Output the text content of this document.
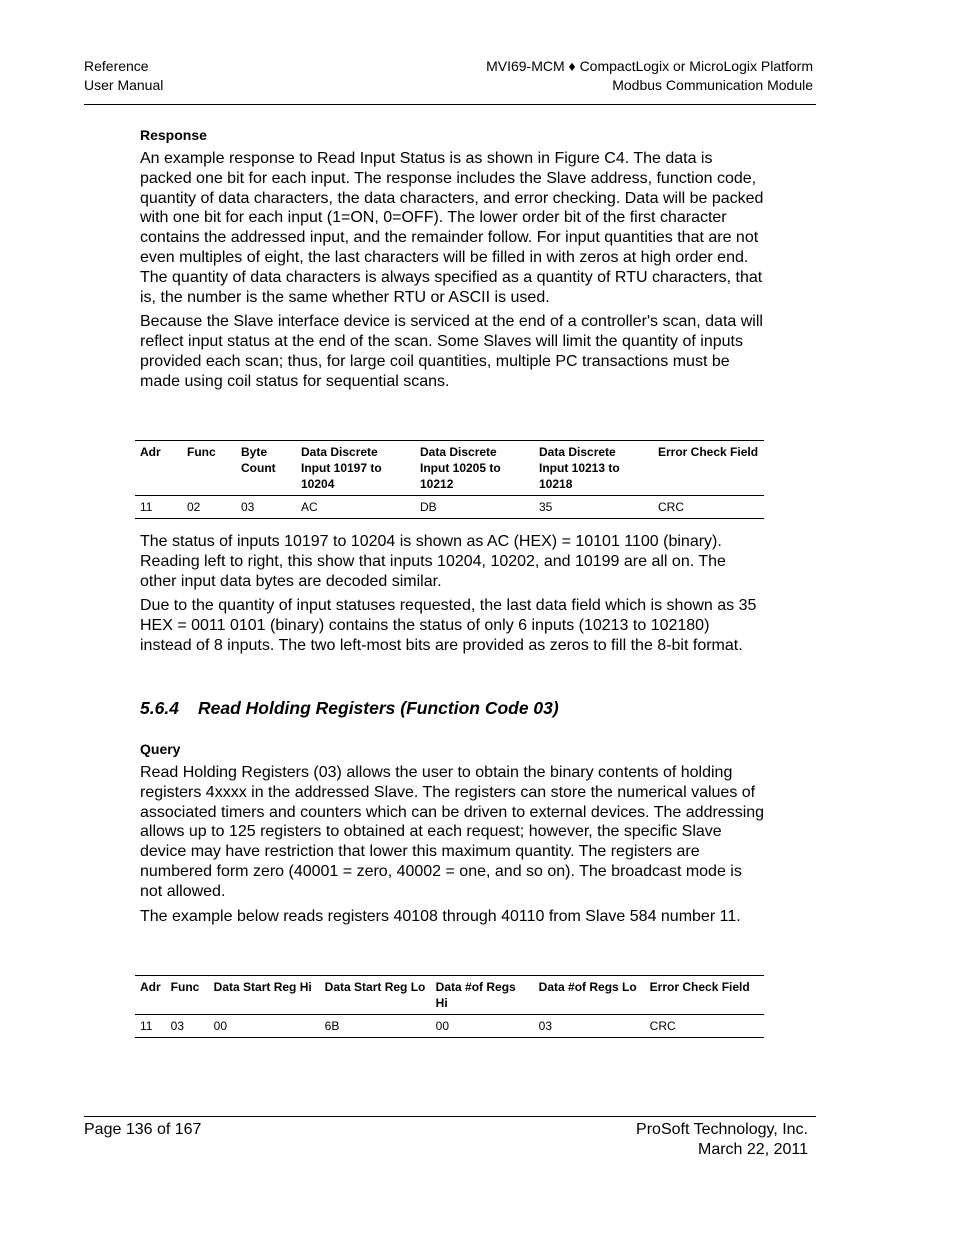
Reference
User Manual
MVI69-MCM ♦ CompactLogix or MicroLogix Platform
Modbus Communication Module

Response

An example response to Read Input Status is as shown in Figure C4. The data is packed one bit for each input. The response includes the Slave address, function code, quantity of data characters, the data characters, and error checking. Data will be packed with one bit for each input (1=ON, 0=OFF). The lower order bit of the first character contains the addressed input, and the remainder follow. For input quantities that are not even multiples of eight, the last characters will be filled in with zeros at high order end. The quantity of data characters is always specified as a quantity of RTU characters, that is, the number is the same whether RTU or ASCII is used.

Because the Slave interface device is serviced at the end of a controller's scan, data will reflect input status at the end of the scan. Some Slaves will limit the quantity of inputs provided each scan; thus, for large coil quantities, multiple PC transactions must be made using coil status for sequential scans.

Adr	Func	Byte Count	Data Discrete Input 10197 to 10204	Data Discrete Input 10205 to 10212	Data Discrete Input 10213 to 10218	Error Check Field
11	02	03	AC	DB	35	CRC

The status of inputs 10197 to 10204 is shown as AC (HEX) = 10101 1100 (binary). Reading left to right, this show that inputs 10204, 10202, and 10199 are all on. The other input data bytes are decoded similar.

Due to the quantity of input statuses requested, the last data field which is shown as 35 HEX = 0011 0101 (binary) contains the status of only 6 inputs (10213 to 102180) instead of 8 inputs. The two left-most bits are provided as zeros to fill the 8-bit format.

5.6.4 Read Holding Registers (Function Code 03)

Query

Read Holding Registers (03) allows the user to obtain the binary contents of holding registers 4xxxx in the addressed Slave. The registers can store the numerical values of associated timers and counters which can be driven to external devices. The addressing allows up to 125 registers to obtained at each request; however, the specific Slave device may have restriction that lower this maximum quantity. The registers are numbered form zero (40001 = zero, 40002 = one, and so on). The broadcast mode is not allowed.

The example below reads registers 40108 through 40110 from Slave 584 number 11.

Adr	Func	Data Start Reg Hi	Data Start Reg Lo	Data #of Regs Hi	Data #of Regs Lo	Error Check Field
11	03	00	6B	00	03	CRC
Page 136 of 167	ProSoft Technology, Inc.
March 22, 2011
